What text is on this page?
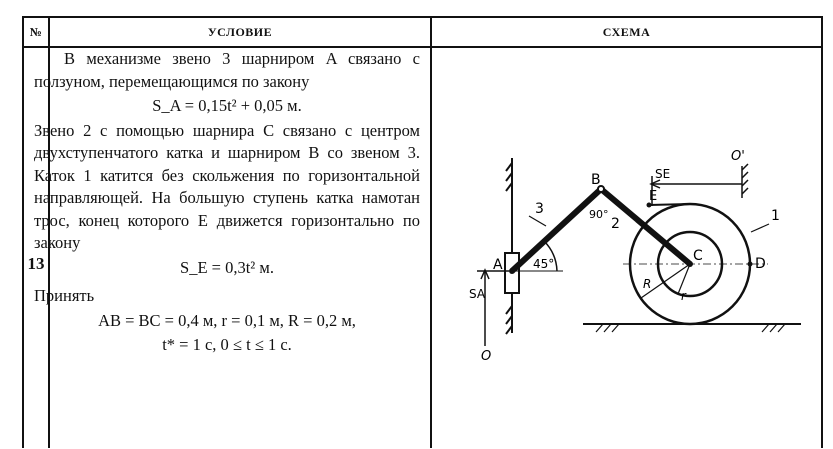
№	УСЛОВИЕ	СХЕМА
13

В механизме звено 3 шарниром A связано с ползуном, перемещающимся по закону

S_A = 0,15t² + 0,05 м.

Звено 2 с помощью шарнира C связано с центром двухступенчатого катка и шарниром B со звеном 3. Каток 1 катится без скольжения по горизонтальной направляющей. На большую ступень катка намотан трос, конец которого E движется горизонтально по закону

S_E = 0,3t² м.

Принять

AB = BC = 0,4 м, r = 0,1 м, R = 0,2 м,

t* = 1 с, 0 ≤ t ≤ 1 с.

SA
O
A
3
45°
B
90°
2
C
R
r
D
1
E
SE
O'
